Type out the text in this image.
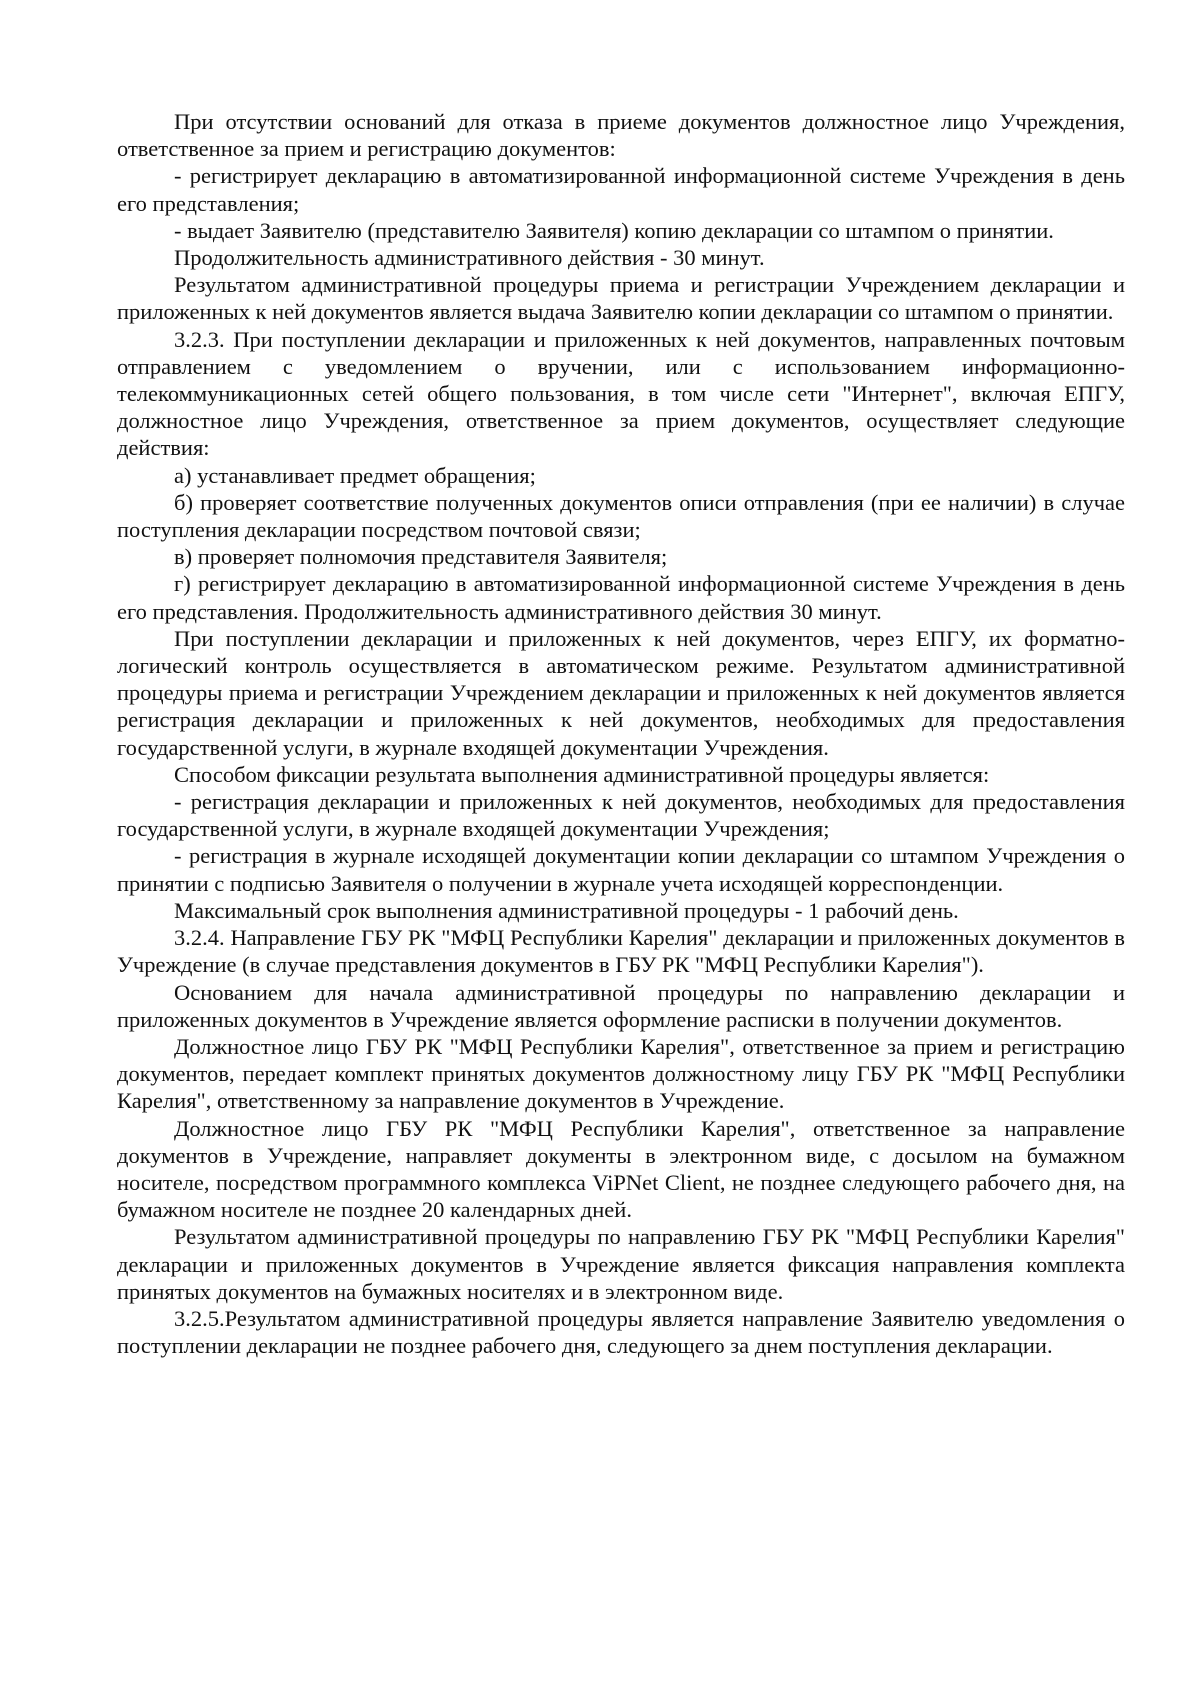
При отсутствии оснований для отказа в приеме документов должностное лицо Учреждения, ответственное за прием и регистрацию документов:

- регистрирует декларацию в автоматизированной информационной системе Учреждения в день его представления;

- выдает Заявителю (представителю Заявителя) копию декларации со штампом о принятии.

Продолжительность административного действия - 30 минут.

Результатом административной процедуры приема и регистрации Учреждением декларации и приложенных к ней документов является выдача Заявителю копии декларации со штампом о принятии.

3.2.3. При поступлении декларации и приложенных к ней документов, направленных почтовым отправлением с уведомлением о вручении, или с использованием информационно-телекоммуникационных сетей общего пользования, в том числе сети "Интернет", включая ЕПГУ, должностное лицо Учреждения, ответственное за прием документов, осуществляет следующие действия:

а) устанавливает предмет обращения;

б) проверяет соответствие полученных документов описи отправления (при ее наличии) в случае поступления декларации посредством почтовой связи;

в) проверяет полномочия представителя Заявителя;

г) регистрирует декларацию в автоматизированной информационной системе Учреждения в день его представления. Продолжительность административного действия 30 минут.

При поступлении декларации и приложенных к ней документов, через ЕПГУ, их форматно-логический контроль осуществляется в автоматическом режиме. Результатом административной процедуры приема и регистрации Учреждением декларации и приложенных к ней документов является регистрация декларации и приложенных к ней документов, необходимых для предоставления государственной услуги, в журнале входящей документации Учреждения.

Способом фиксации результата выполнения административной процедуры является:

- регистрация декларации и приложенных к ней документов, необходимых для предоставления государственной услуги, в журнале входящей документации Учреждения;

- регистрация в журнале исходящей документации копии декларации со штампом Учреждения о принятии с подписью Заявителя о получении в журнале учета исходящей корреспонденции.

Максимальный срок выполнения административной процедуры - 1 рабочий день.

3.2.4. Направление ГБУ РК "МФЦ Республики Карелия" декларации и приложенных документов в Учреждение (в случае представления документов в ГБУ РК "МФЦ Республики Карелия").

Основанием для начала административной процедуры по направлению декларации и приложенных документов в Учреждение является оформление расписки в получении документов.

Должностное лицо ГБУ РК "МФЦ Республики Карелия", ответственное за прием и регистрацию документов, передает комплект принятых документов должностному лицу ГБУ РК "МФЦ Республики Карелия", ответственному за направление документов в Учреждение.

Должностное лицо ГБУ РК "МФЦ Республики Карелия", ответственное за направление документов в Учреждение, направляет документы в электронном виде, с досылом на бумажном носителе, посредством программного комплекса ViPNet Client, не позднее следующего рабочего дня, на бумажном носителе не позднее 20 календарных дней.

Результатом административной процедуры по направлению ГБУ РК "МФЦ Республики Карелия" декларации и приложенных документов в Учреждение является фиксация направления комплекта принятых документов на бумажных носителях и в электронном виде.

3.2.5.Результатом административной процедуры является направление Заявителю уведомления о поступлении декларации не позднее рабочего дня, следующего за днем поступления декларации.
